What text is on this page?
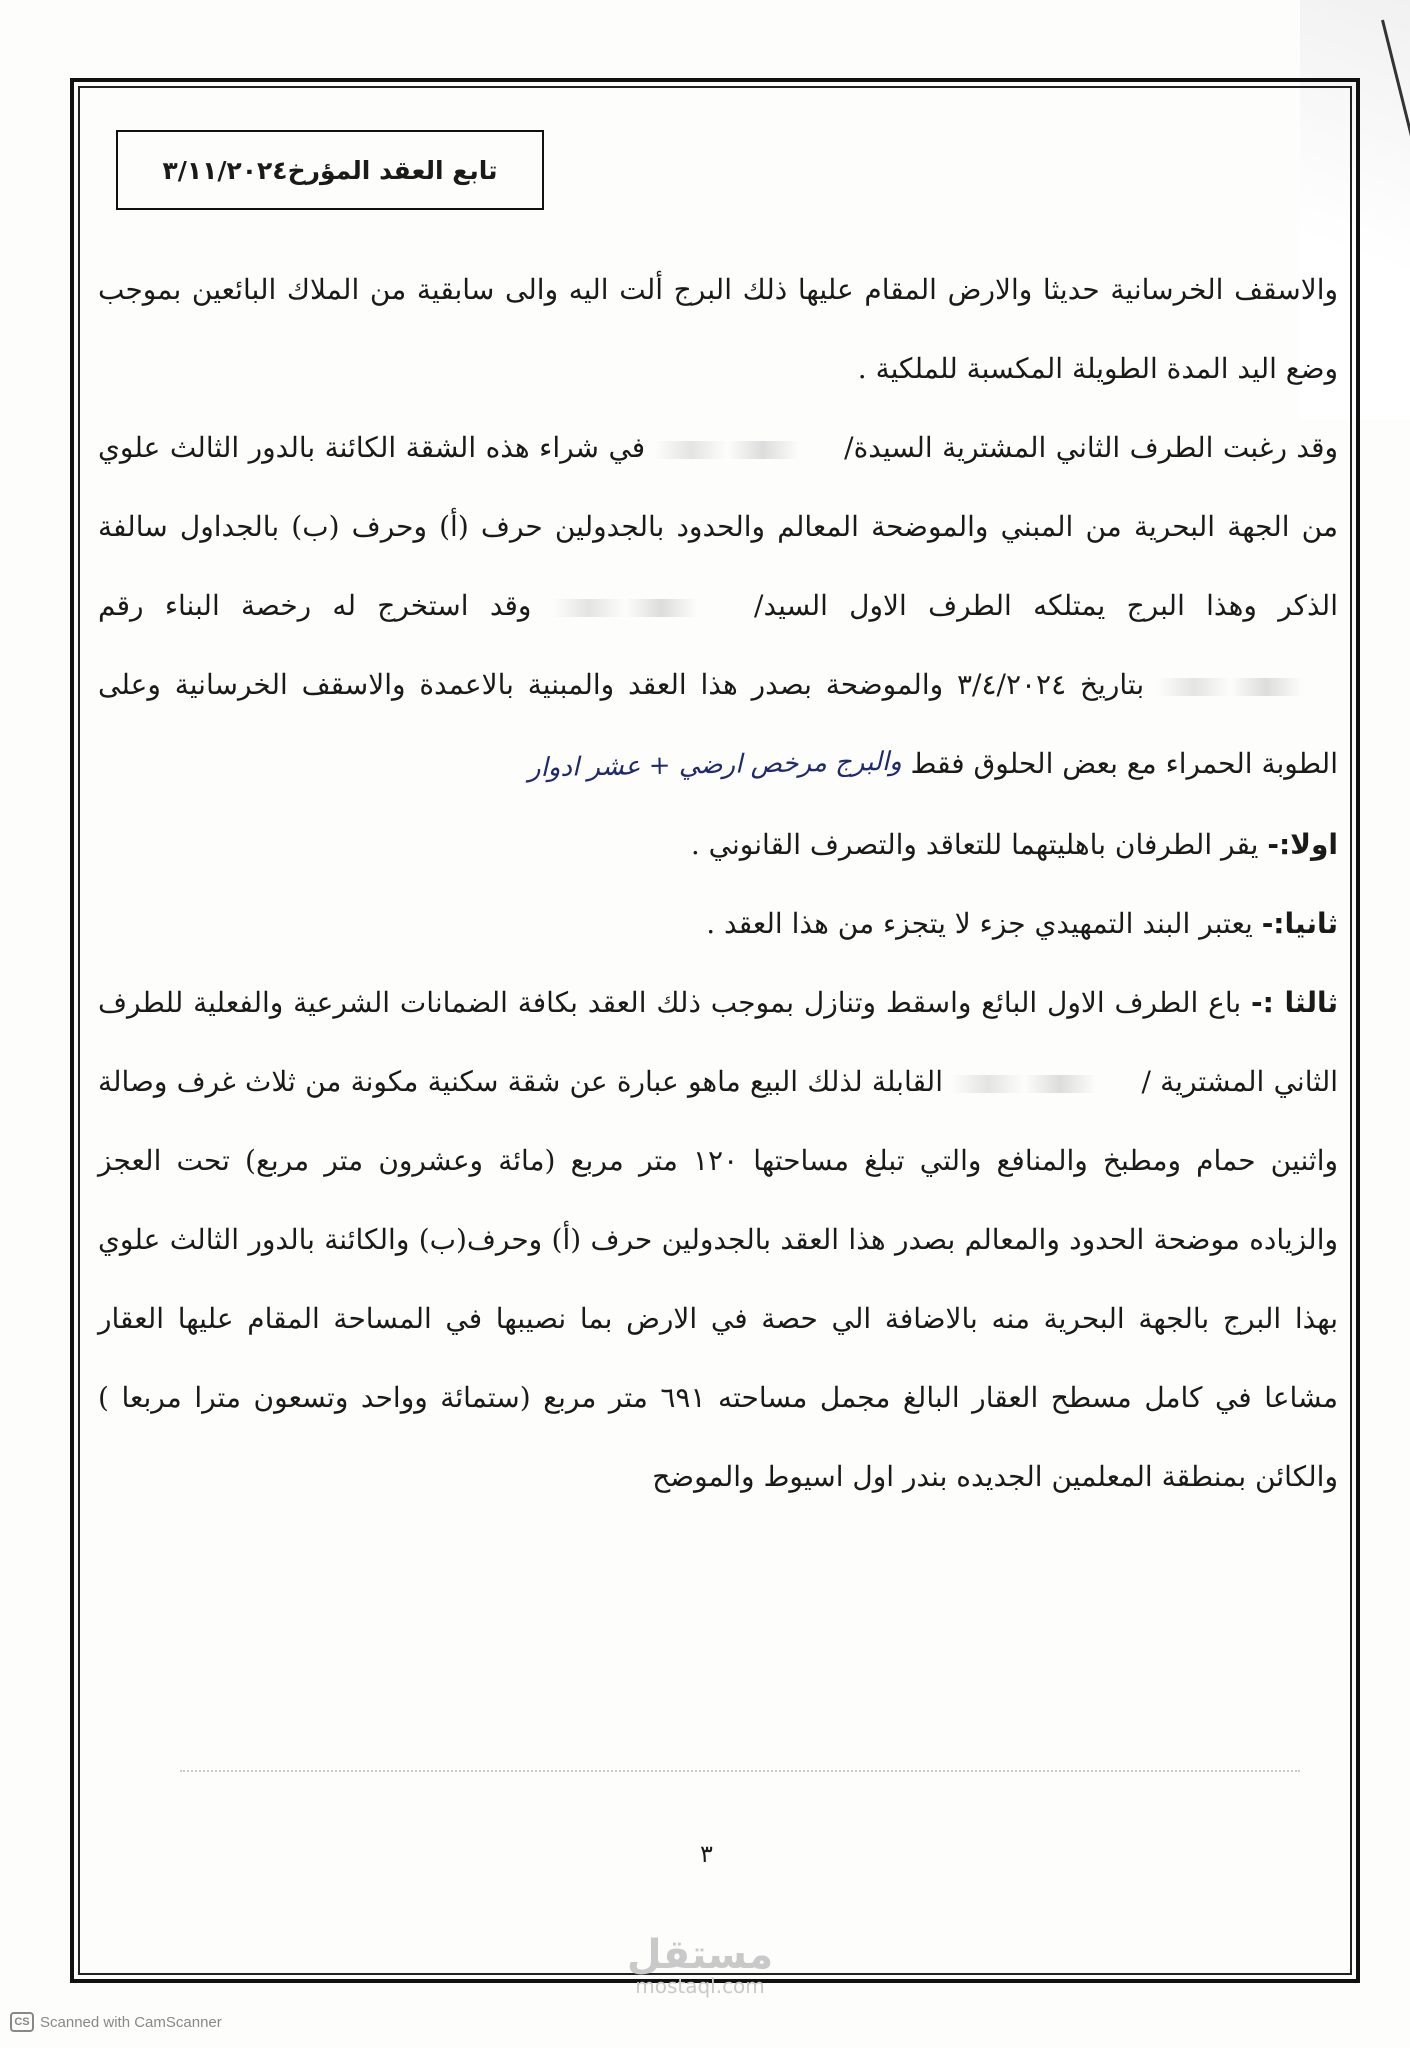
تابع العقد المؤرخ٣/١١/٢٠٢٤

والاسقف الخرسانية حديثا والارض المقام عليها ذلك البرج ألت اليه والى سابقية من الملاك البائعين بموجب وضع اليد المدة الطويلة المكسبة للملكية .

وقد رغبت الطرف الثاني المشترية السيدة/  في شراء هذه الشقة الكائنة بالدور الثالث علوي من الجهة البحرية من المبني والموضحة المعالم والحدود بالجدولين حرف (أ) وحرف (ب) بالجداول سالفة الذكر وهذا البرج يمتلكه الطرف الاول السيد/  وقد استخرج له رخصة البناء رقم  بتاريخ ٣/٤/٢٠٢٤ والموضحة بصدر هذا العقد والمبنية بالاعمدة والاسقف الخرسانية وعلى الطوبة الحمراء مع بعض الحلوق فقط والبرج مرخص ارضي + عشر ادوار

اولا:- يقر الطرفان باهليتهما للتعاقد والتصرف القانوني .

ثانيا:- يعتبر البند التمهيدي جزء لا يتجزء من هذا العقد .

ثالثا :- باع الطرف الاول البائع واسقط وتنازل بموجب ذلك العقد بكافة الضمانات الشرعية والفعلية للطرف الثاني المشترية /  القابلة لذلك البيع ماهو عبارة عن شقة سكنية مكونة من ثلاث غرف وصالة واثنين حمام ومطبخ والمنافع والتي تبلغ مساحتها ١٢٠ متر مربع (مائة وعشرون متر مربع) تحت العجز والزياده موضحة الحدود والمعالم بصدر هذا العقد بالجدولين حرف (أ) وحرف(ب) والكائنة بالدور الثالث علوي بهذا البرج بالجهة البحرية منه بالاضافة الي حصة في الارض بما نصيبها في المساحة المقام عليها العقار مشاعا في كامل مسطح العقار البالغ مجمل مساحته ٦٩١ متر مربع (ستمائة وواحد وتسعون مترا مربعا ) والكائن بمنطقة المعلمين الجديده بندر اول اسيوط والموضح

٣
مستقل
mostaql.com
CS Scanned with CamScanner
